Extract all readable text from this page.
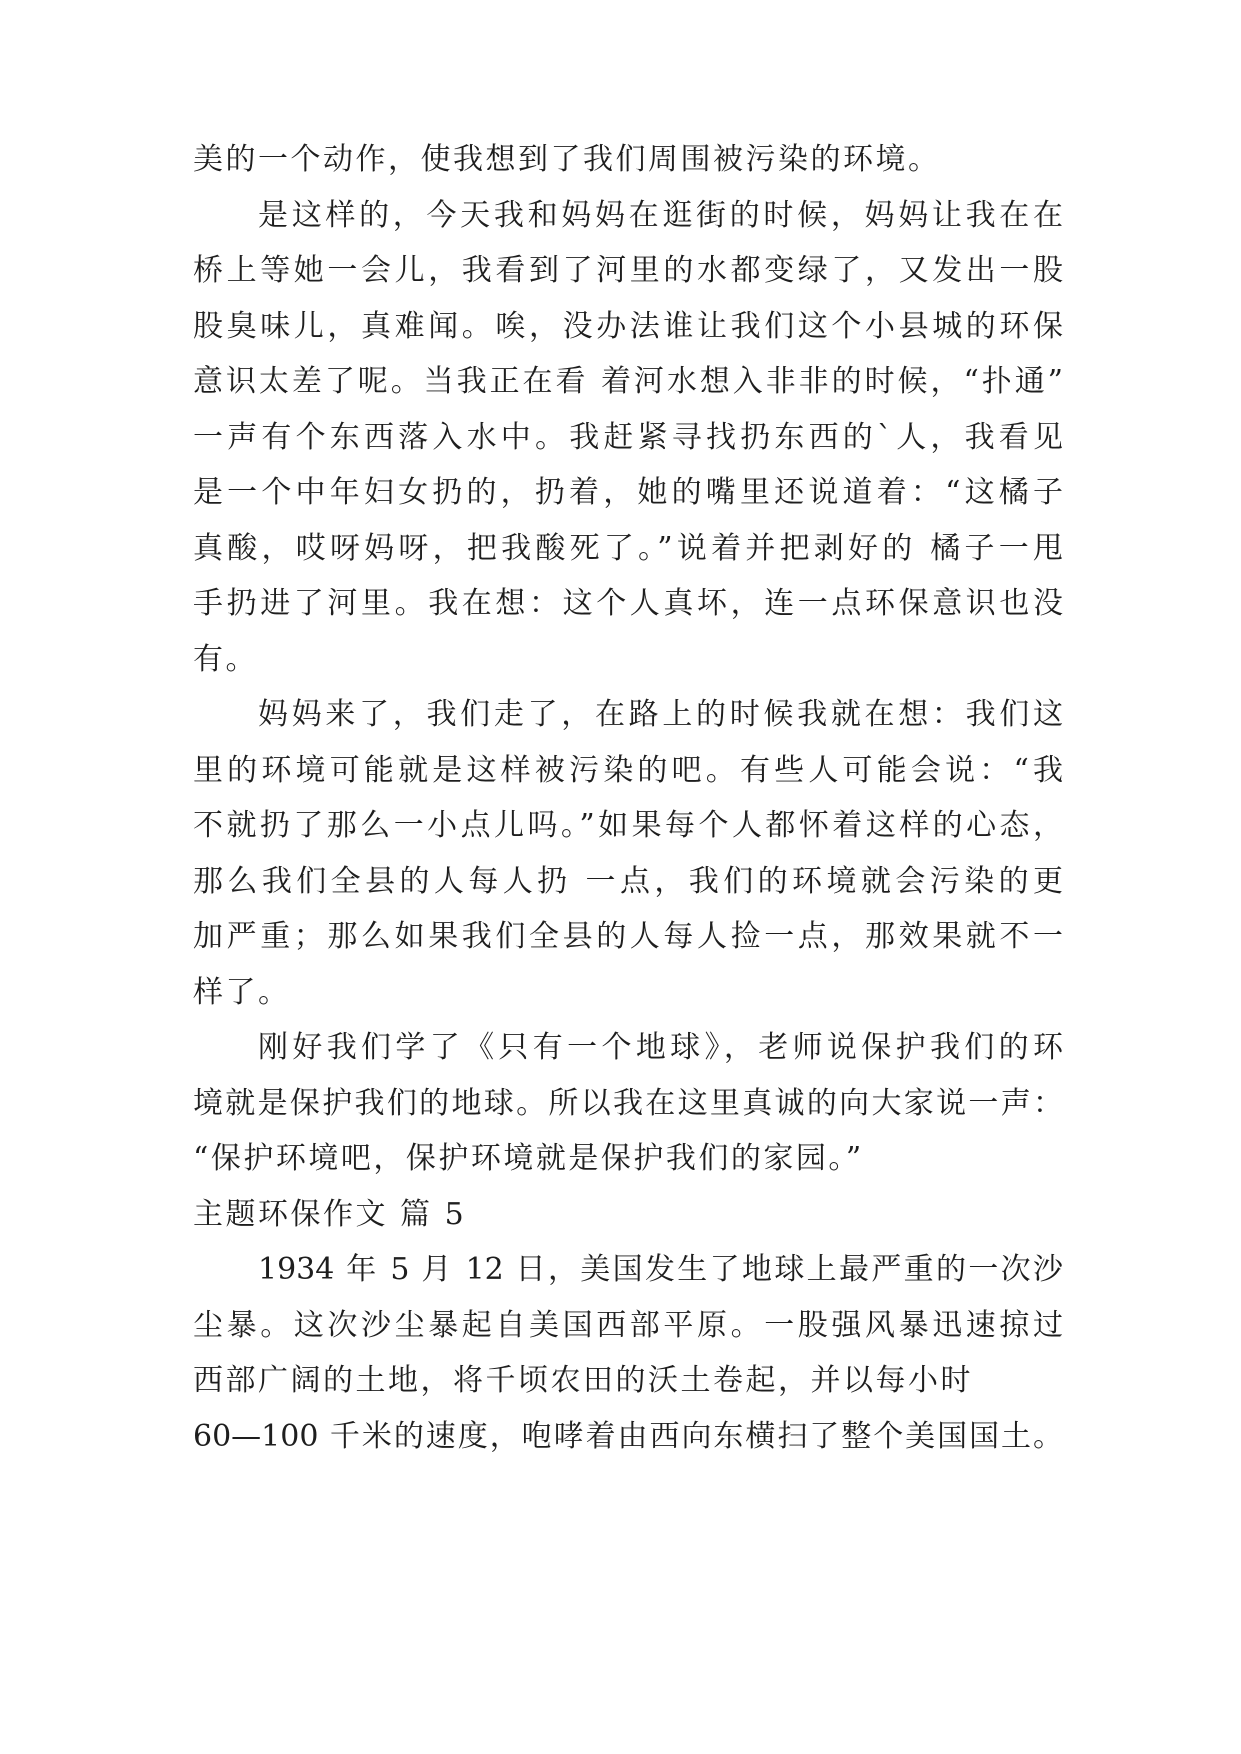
美的一个动作，使我想到了我们周围被污染的环境。
是这样的，今天我和妈妈在逛街的时候，妈妈让我在在
桥上等她一会儿，我看到了河里的水都变绿了，又发出一股
股臭味儿，真难闻。唉，没办法谁让我们这个小县城的环保
意识太差了呢。当我正在看 着河水想入非非的时候，“扑通”
一声有个东西落入水中。我赶紧寻找扔东西的`人，我看见
是一个中年妇女扔的，扔着，她的嘴里还说道着：“这橘子
真酸，哎呀妈呀，把我酸死了。”说着并把剥好的 橘子一甩
手扔进了河里。我在想：这个人真坏，连一点环保意识也没
有。
妈妈来了，我们走了，在路上的时候我就在想：我们这
里的环境可能就是这样被污染的吧。有些人可能会说：“我
不就扔了那么一小点儿吗。”如果每个人都怀着这样的心态，
那么我们全县的人每人扔 一点，我们的环境就会污染的更
加严重；那么如果我们全县的人每人捡一点，那效果就不一
样了。
刚好我们学了《只有一个地球》，老师说保护我们的环
境就是保护我们的地球。所以我在这里真诚的向大家说一声：
“保护环境吧，保护环境就是保护我们的家园。”
主题环保作文 篇 5
1934 年 5 月 12 日，美国发生了地球上最严重的一次沙
尘暴。这次沙尘暴起自美国西部平原。一股强风暴迅速掠过
西部广阔的土地，将千顷农田的沃土卷起，并以每小时
60—100 千米的速度，咆哮着由西向东横扫了整个美国国土。
